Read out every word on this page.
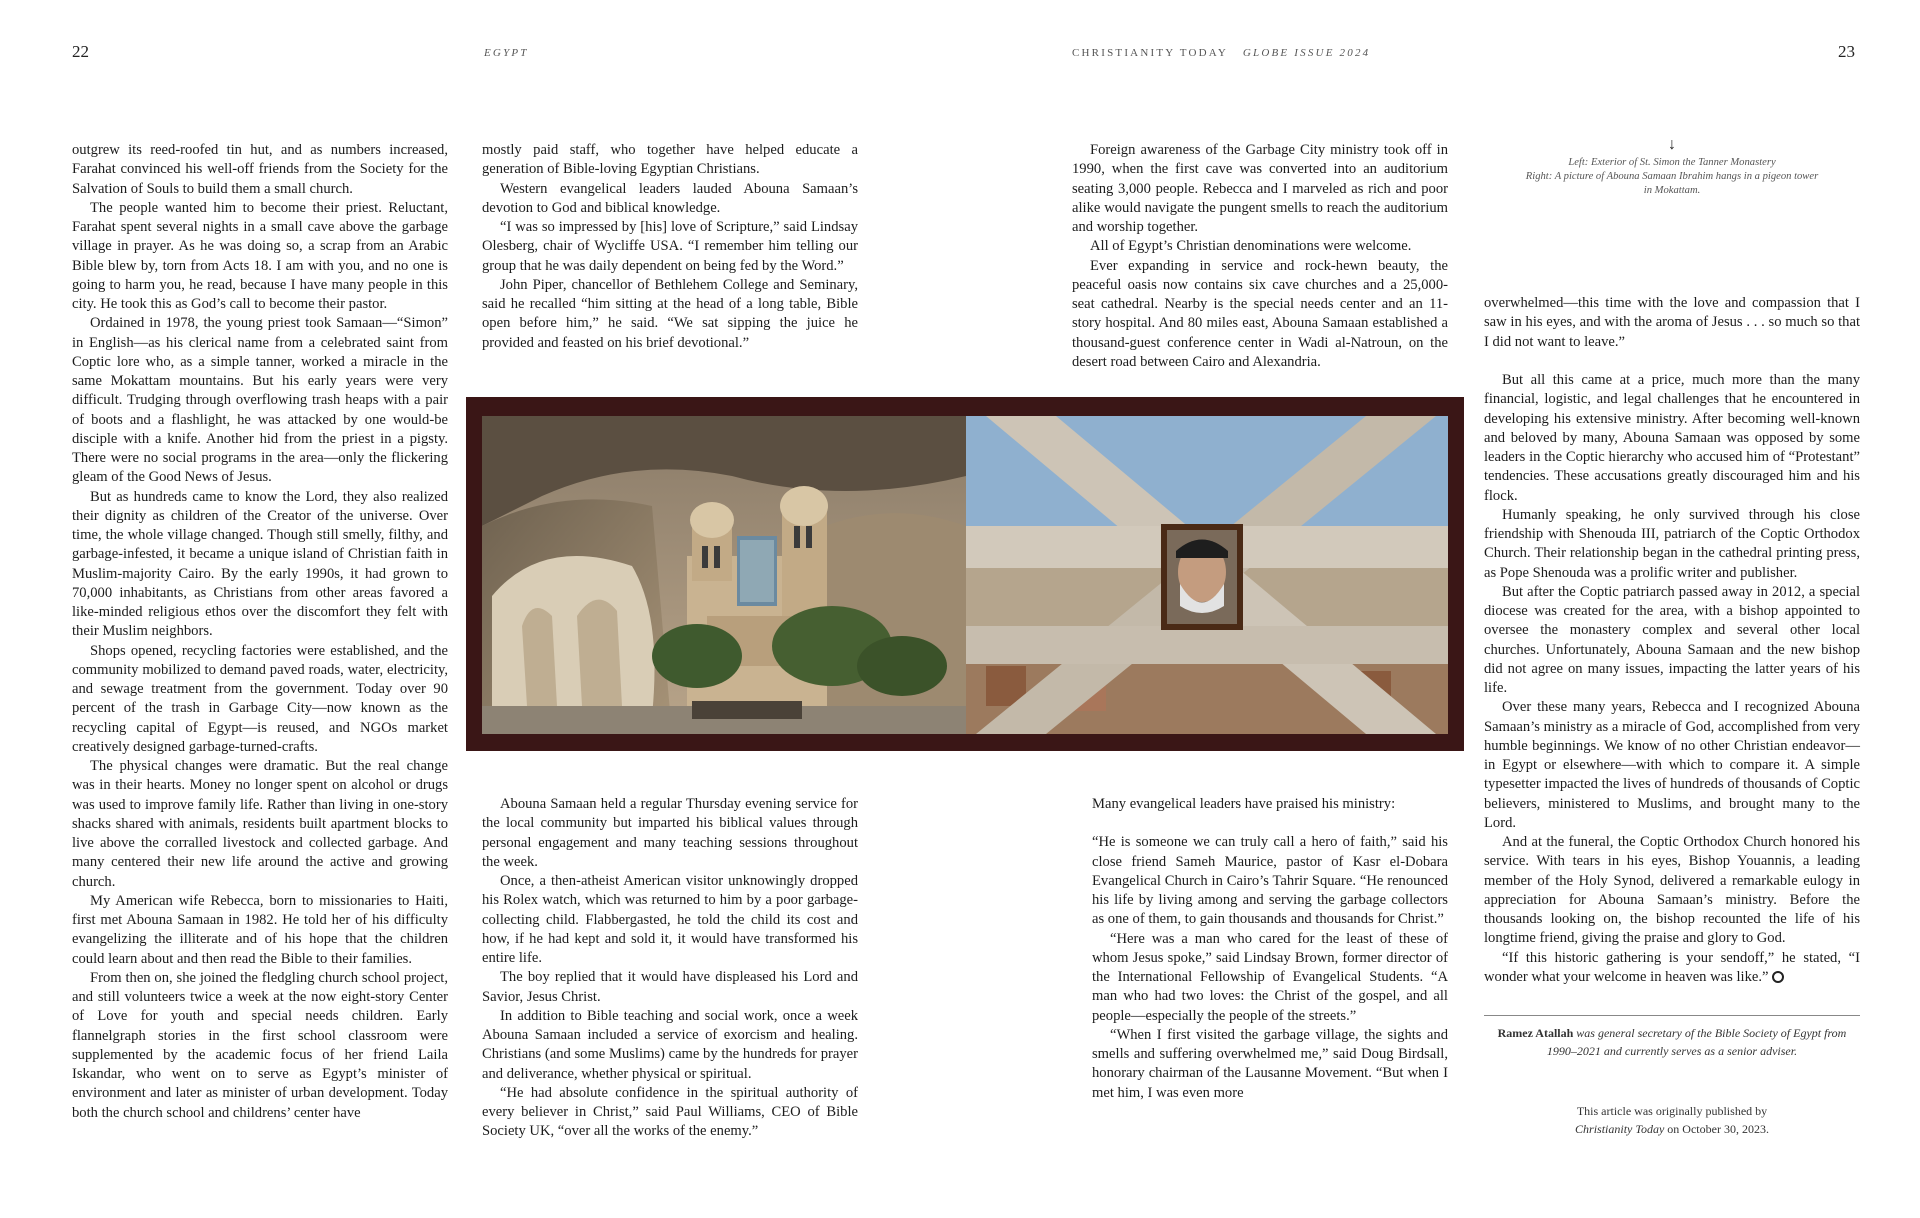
22	EGYPT	CHRISTIANITY TODAY GLOBE ISSUE 2024	23

outgrew its reed-roofed tin hut, and as numbers increased, Farahat convinced his well-off friends from the Society for the Salvation of Souls to build them a small church.

The people wanted him to become their priest. Reluctant, Farahat spent several nights in a small cave above the garbage village in prayer. As he was doing so, a scrap from an Arabic Bible blew by, torn from Acts 18. I am with you, and no one is going to harm you, he read, because I have many people in this city. He took this as God’s call to become their pastor.

Ordained in 1978, the young priest took Samaan—“Simon” in English—as his clerical name from a celebrated saint from Coptic lore who, as a simple tanner, worked a miracle in the same Mokattam mountains. But his early years were very difficult. Trudging through overflowing trash heaps with a pair of boots and a flashlight, he was attacked by one would-be disciple with a knife. Another hid from the priest in a pigsty. There were no social programs in the area—only the flickering gleam of the Good News of Jesus.

But as hundreds came to know the Lord, they also realized their dignity as children of the Creator of the universe. Over time, the whole village changed. Though still smelly, filthy, and garbage-infested, it became a unique island of Christian faith in Muslim-majority Cairo. By the early 1990s, it had grown to 70,000 inhabitants, as Christians from other areas favored a like-minded religious ethos over the discomfort they felt with their Muslim neighbors.

Shops opened, recycling factories were established, and the community mobilized to demand paved roads, water, electricity, and sewage treatment from the government. Today over 90 percent of the trash in Garbage City—now known as the recycling capital of Egypt—is reused, and NGOs market creatively designed garbage-turned-crafts.

The physical changes were dramatic. But the real change was in their hearts. Money no longer spent on alcohol or drugs was used to improve family life. Rather than living in one-story shacks shared with animals, residents built apartment blocks to live above the corralled livestock and collected garbage. And many centered their new life around the active and growing church.

My American wife Rebecca, born to missionaries to Haiti, first met Abouna Samaan in 1982. He told her of his difficulty evangelizing the illiterate and of his hope that the children could learn about and then read the Bible to their families.

From then on, she joined the fledgling church school project, and still volunteers twice a week at the now eight-story Center of Love for youth and special needs children. Early flannelgraph stories in the first school classroom were supplemented by the academic focus of her friend Laila Iskandar, who went on to serve as Egypt’s minister of environment and later as minister of urban development. Today both the church school and childrens’ center have

mostly paid staff, who together have helped educate a generation of Bible-loving Egyptian Christians.

Western evangelical leaders lauded Abouna Samaan’s devotion to God and biblical knowledge.

“I was so impressed by [his] love of Scripture,” said Lindsay Olesberg, chair of Wycliffe USA. “I remember him telling our group that he was daily dependent on being fed by the Word.”

John Piper, chancellor of Bethlehem College and Seminary, said he recalled “him sitting at the head of a long table, Bible open before him,” he said. “We sat sipping the juice he provided and feasted on his brief devotional.”

Foreign awareness of the Garbage City ministry took off in 1990, when the first cave was converted into an auditorium seating 3,000 people. Rebecca and I marveled as rich and poor alike would navigate the pungent smells to reach the auditorium and worship together.

All of Egypt’s Christian denominations were welcome.

Ever expanding in service and rock-hewn beauty, the peaceful oasis now contains six cave churches and a 25,000-seat cathedral. Nearby is the special needs center and an 11-story hospital. And 80 miles east, Abouna Samaan established a thousand-guest conference center in Wadi al-Natroun, on the desert road between Cairo and Alexandria.

↓
Left: Exterior of St. Simon the Tanner Monastery
Right: A picture of Abouna Samaan Ibrahim hangs in a pigeon tower in Mokattam.

overwhelmed—this time with the love and compassion that I saw in his eyes, and with the aroma of Jesus . . . so much so that I did not want to leave.”

Abouna Samaan held a regular Thursday evening service for the local community but imparted his biblical values through personal engagement and many teaching sessions throughout the week.

Once, a then-atheist American visitor unknowingly dropped his Rolex watch, which was returned to him by a poor garbage-collecting child. Flabbergasted, he told the child its cost and how, if he had kept and sold it, it would have transformed his entire life.

The boy replied that it would have displeased his Lord and Savior, Jesus Christ.

In addition to Bible teaching and social work, once a week Abouna Samaan included a service of exorcism and healing. Christians (and some Muslims) came by the hundreds for prayer and deliverance, whether physical or spiritual.

“He had absolute confidence in the spiritual authority of every believer in Christ,” said Paul Williams, CEO of Bible Society UK, “over all the works of the enemy.”

Many evangelical leaders have praised his ministry:

“He is someone we can truly call a hero of faith,” said his close friend Sameh Maurice, pastor of Kasr el-Dobara Evangelical Church in Cairo’s Tahrir Square. “He renounced his life by living among and serving the garbage collectors as one of them, to gain thousands and thousands for Christ.”

“Here was a man who cared for the least of these of whom Jesus spoke,” said Lindsay Brown, former director of the International Fellowship of Evangelical Students. “A man who had two loves: the Christ of the gospel, and all people—especially the people of the streets.”

“When I first visited the garbage village, the sights and smells and suffering overwhelmed me,” said Doug Birdsall, honorary chairman of the Lausanne Movement. “But when I met him, I was even more

But all this came at a price, much more than the many financial, logistic, and legal challenges that he encountered in developing his extensive ministry. After becoming well-known and beloved by many, Abouna Samaan was opposed by some leaders in the Coptic hierarchy who accused him of “Protestant” tendencies. These accusations greatly discouraged him and his flock.

Humanly speaking, he only survived through his close friendship with Shenouda III, patriarch of the Coptic Orthodox Church. Their relationship began in the cathedral printing press, as Pope Shenouda was a prolific writer and publisher.

But after the Coptic patriarch passed away in 2012, a special diocese was created for the area, with a bishop appointed to oversee the monastery complex and several other local churches. Unfortunately, Abouna Samaan and the new bishop did not agree on many issues, impacting the latter years of his life.

Over these many years, Rebecca and I recognized Abouna Samaan’s ministry as a miracle of God, accomplished from very humble beginnings. We know of no other Christian endeavor—in Egypt or elsewhere—with which to compare it. A simple typesetter impacted the lives of hundreds of thousands of Coptic believers, ministered to Muslims, and brought many to the Lord.

And at the funeral, the Coptic Orthodox Church honored his service. With tears in his eyes, Bishop Youannis, a leading member of the Holy Synod, delivered a remarkable eulogy in appreciation for Abouna Samaan’s ministry. Before the thousands looking on, the bishop recounted the life of his longtime friend, giving the praise and glory to God.

“If this historic gathering is your sendoff,” he stated, “I wonder what your welcome in heaven was like.”

Ramez Atallah was general secretary of the Bible Society of Egypt from 1990–2021 and currently serves as a senior adviser.
This article was originally published by
Christianity Today on October 30, 2023.
